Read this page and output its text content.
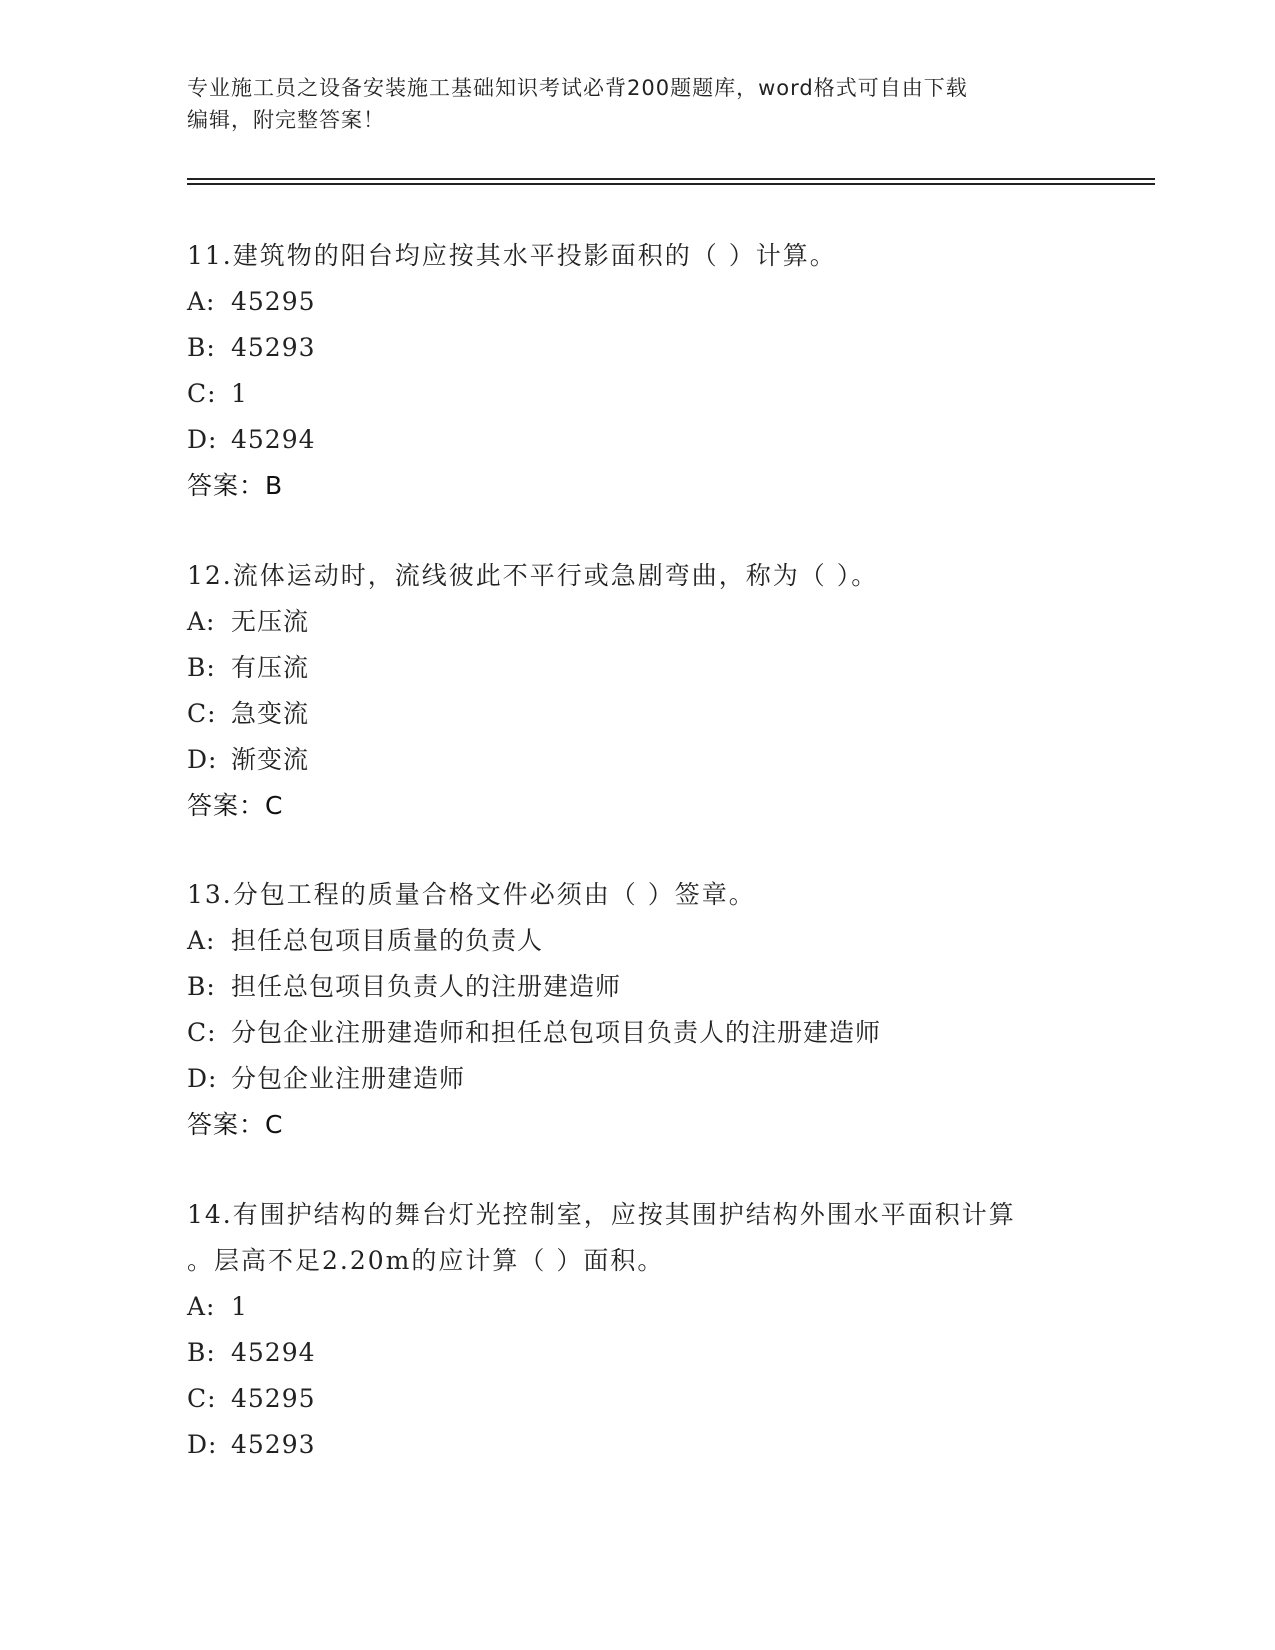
专业施工员之设备安装施工基础知识考试必背200题题库，word格式可自由下载
编辑，附完整答案！

11.建筑物的阳台均应按其水平投影面积的（ ）计算。

A: 45295

B: 45293

C: 1

D: 45294

答案：B

12.流体运动时，流线彼此不平行或急剧弯曲，称为（ ）。

A: 无压流

B: 有压流

C: 急变流

D: 渐变流

答案：C

13.分包工程的质量合格文件必须由（ ）签章。

A: 担任总包项目质量的负责人

B: 担任总包项目负责人的注册建造师

C: 分包企业注册建造师和担任总包项目负责人的注册建造师

D: 分包企业注册建造师

答案：C

14.有围护结构的舞台灯光控制室，应按其围护结构外围水平面积计算

。层高不足2.20m的应计算（ ）面积。

A: 1

B: 45294

C: 45295

D: 45293
